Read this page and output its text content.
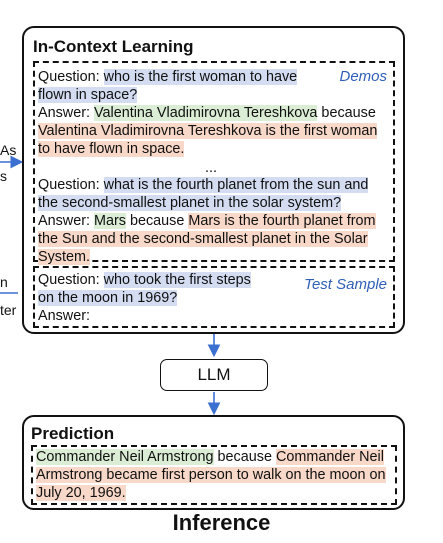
As
s
n
ter
In-Context Learning
Demos
Question: who is the first woman to have
flown in space?
Answer: Valentina Vladimirovna Tereshkova because
Valentina Vladimirovna Tereshkova is the first woman
to have flown in space.
...
Question: what is the fourth planet from the sun and
the second-smallest planet in the solar system?
Answer: Mars because Mars is the fourth planet from
the Sun and the second-smallest planet in the Solar
System.
Test Sample
Question: who took the first steps
on the moon in 1969?
Answer:
LLM
Prediction
Commander Neil Armstrong because Commander Neil
Armstrong became first person to walk on the moon on
July 20, 1969.
Inference
